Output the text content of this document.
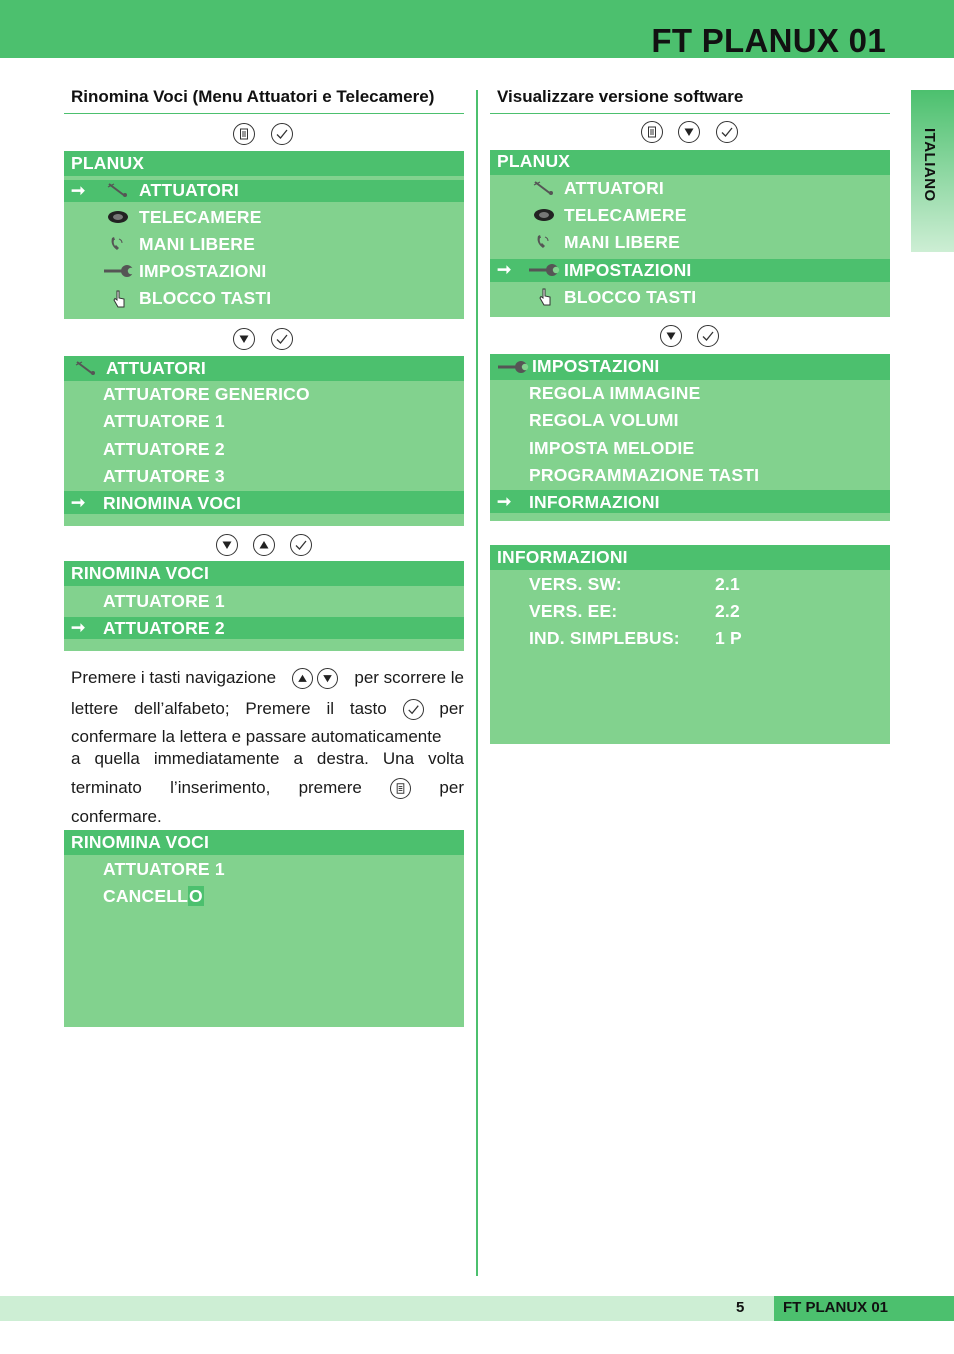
FT PLANUX 01
ITALIANO
Rinomina Voci (Menu Attuatori e Telecamere)
PLANUX
➞	ATTUATORI
TELECAMERE
MANI LIBERE
IMPOSTAZIONI
BLOCCO TASTI
ATTUATORI
ATTUATORE GENERICO
ATTUATORE 1
ATTUATORE 2
ATTUATORE 3
➞ RINOMINA VOCI
RINOMINA VOCI
ATTUATORE 1
➞ ATTUATORE 2
Premere i tasti navigazione	per scorrere le
lettere dell’alfabeto; Premere il tasto	per
confermare la lettera e passare automaticamente
a quella immediatamente a destra. Una volta
terminato l’inserimento, premere	per
confermare.
RINOMINA VOCI
ATTUATORE 1
CANCELLO
Visualizzare versione software
PLANUX
ATTUATORI
TELECAMERE
MANI LIBERE
➞	IMPOSTAZIONI
BLOCCO TASTI
IMPOSTAZIONI
REGOLA IMMAGINE
REGOLA VOLUMI
IMPOSTA MELODIE
PROGRAMMAZIONE TASTI
➞ INFORMAZIONI
INFORMAZIONI
VERS. SW:	2.1
VERS. EE:	2.2
IND. SIMPLEBUS: 1 P
5	FT PLANUX 01
